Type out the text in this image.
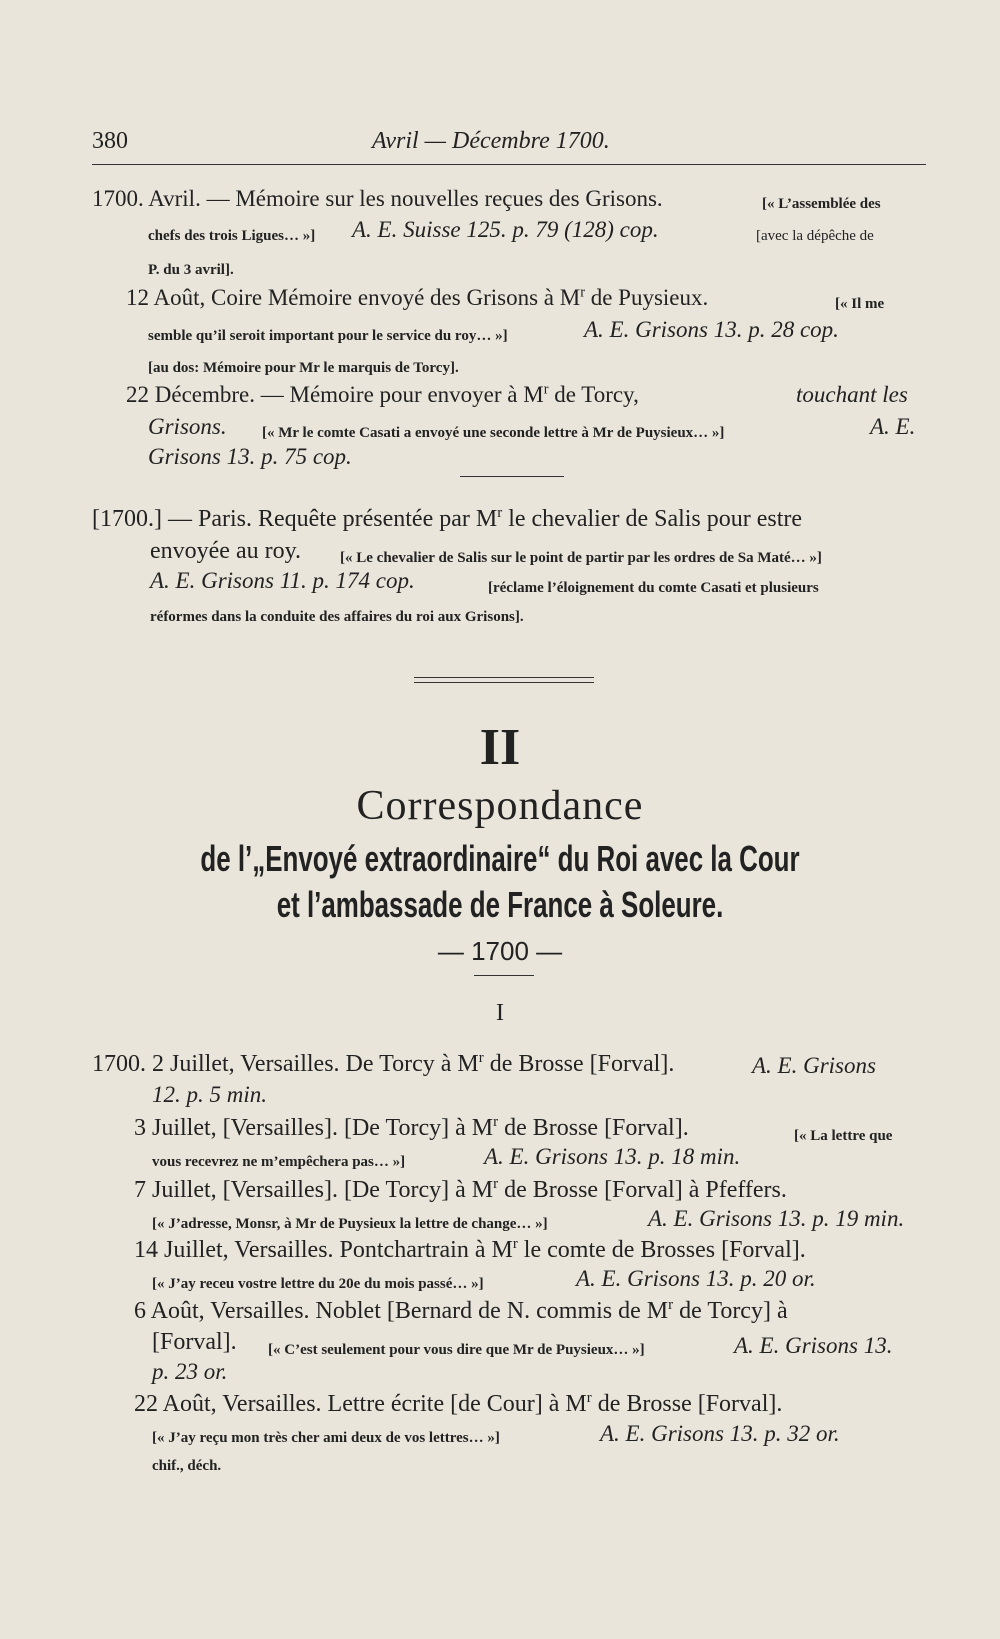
380	Avril — Décembre 1700.
1700. Avril. — Mémoire sur les nouvelles reçues des Grisons.	[« L’assemblée des
chefs des trois Ligues… »] A. E. Suisse 125. p. 79 (128) cop.	[avec la dépêche de
P. du 3 avril].
12 Août, Coire Mémoire envoyé des Grisons à $M^r$ de Puysieux.	[« Il me
semble qu’il seroit important pour le service du roy… »]	A. E. Grisons 13. p. 28 cop.
[au dos: Mémoire pour Mr le marquis de Torcy].
22 Décembre. — Mémoire pour envoyer à $M^r$ de Torcy,	touchant les
Grisons. [« Mr le comte Casati a envoyé une seconde lettre à Mr de Puysieux… »]	A. E.
Grisons 13. p. 75 cop.
[1700.] — Paris. Requête présentée par $M^r$ le chevalier de Salis pour estre
envoyée au roy.	[« Le chevalier de Salis sur le point de partir par les ordres de Sa Maté… »]
A. E. Grisons 11. p. 174 cop.	[réclame l’éloignement du comte Casati et plusieurs
réformes dans la conduite des affaires du roi aux Grisons].
II
Correspondance
de l’„Envoyé extraordinaire“ du Roi avec la Cour
et l’ambassade de France à Soleure.
— 1700 —
I
1700. 2 Juillet, Versailles. De Torcy à $M^r$ de Brosse [Forval].	A. E. Grisons
12. p. 5 min.
3 Juillet, [Versailles]. [De Torcy] à $M^r$ de Brosse [Forval].	[« La lettre que
vous recevrez ne m’empêchera pas… »]	A. E. Grisons 13. p. 18 min.
7 Juillet, [Versailles]. [De Torcy] à $M^r$ de Brosse [Forval] à Pfeffers.
[« J’adresse, Monsr, à Mr de Puysieux la lettre de change… »]	A. E. Grisons 13. p. 19 min.
14 Juillet, Versailles. Pontchartrain à $M^r$ le comte de Brosses [Forval].
[« J’ay receu vostre lettre du 20e du mois passé… »]	A. E. Grisons 13. p. 20 or.
6 Août, Versailles. Noblet [Bernard de N. commis de $M^r$ de Torcy] à
[Forval]. [« C’est seulement pour vous dire que Mr de Puysieux… »]	A. E. Grisons 13.
p. 23 or.
22 Août, Versailles. Lettre écrite [de Cour] à $M^r$ de Brosse [Forval].
[« J’ay reçu mon très cher ami deux de vos lettres… »]	A. E. Grisons 13. p. 32 or.
chif., déch.
